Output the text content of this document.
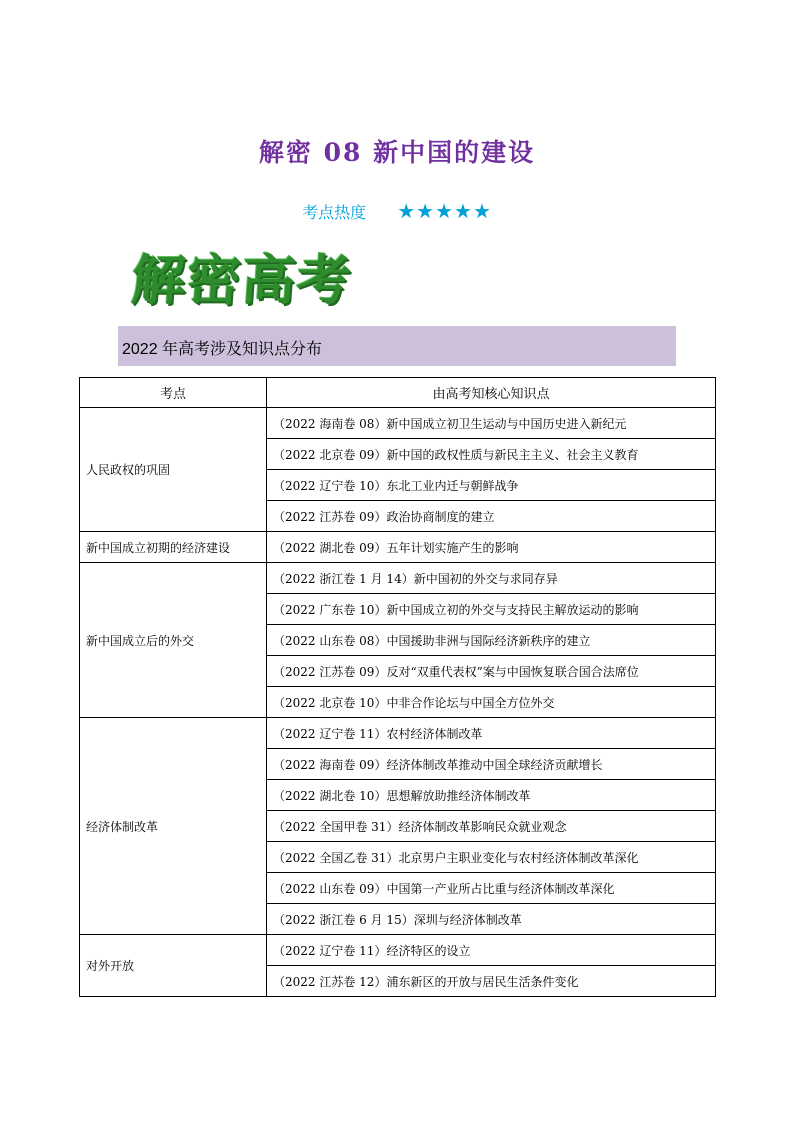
解密 08 新中国的建设
考点热度 ★★★★★
解密高考
2022 年高考涉及知识点分布
考点	由高考知核心知识点
人民政权的巩固	（2022 海南卷 08）新中国成立初卫生运动与中国历史进入新纪元
	（2022 北京卷 09）新中国的政权性质与新民主主义、社会主义教育
	（2022 辽宁卷 10）东北工业内迁与朝鲜战争
	（2022 江苏卷 09）政治协商制度的建立
新中国成立初期的经济建设	（2022 湖北卷 09）五年计划实施产生的影响
新中国成立后的外交	（2022 浙江卷 1 月 14）新中国初的外交与求同存异
	（2022 广东卷 10）新中国成立初的外交与支持民主解放运动的影响
	（2022 山东卷 08）中国援助非洲与国际经济新秩序的建立
	（2022 江苏卷 09）反对“双重代表权”案与中国恢复联合国合法席位
	（2022 北京卷 10）中非合作论坛与中国全方位外交
经济体制改革	（2022 辽宁卷 11）农村经济体制改革
	（2022 海南卷 09）经济体制改革推动中国全球经济贡献增长
	（2022 湖北卷 10）思想解放助推经济体制改革
	（2022 全国甲卷 31）经济体制改革影响民众就业观念
	（2022 全国乙卷 31）北京男户主职业变化与农村经济体制改革深化
	（2022 山东卷 09）中国第一产业所占比重与经济体制改革深化
	（2022 浙江卷 6 月 15）深圳与经济体制改革
对外开放	（2022 辽宁卷 11）经济特区的设立
	（2022 江苏卷 12）浦东新区的开放与居民生活条件变化
